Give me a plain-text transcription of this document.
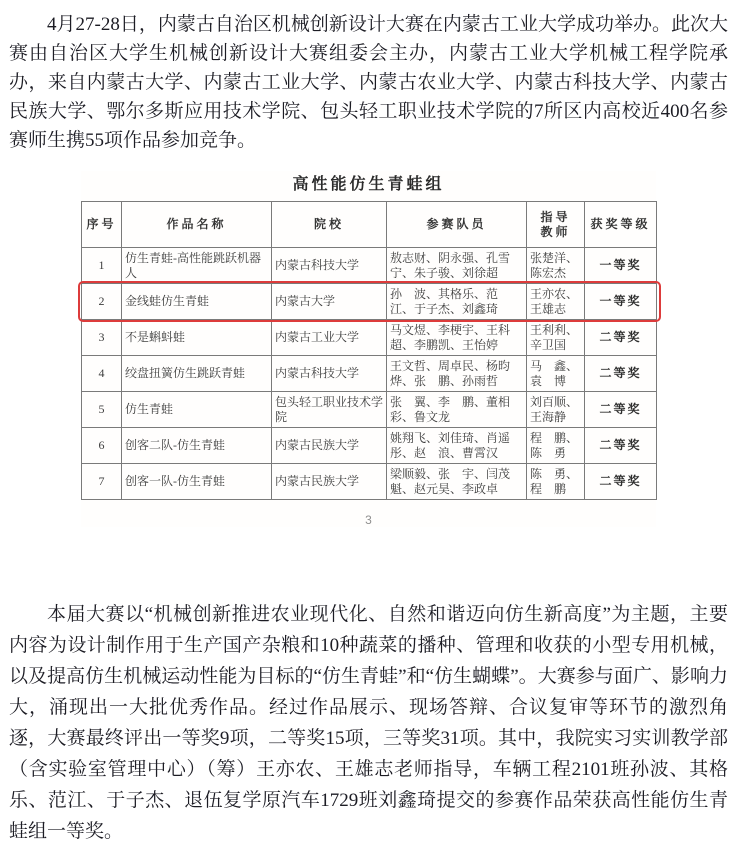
4月27-28日，内蒙古自治区机械创新设计大赛在内蒙古工业大学成功举办。此次大赛由自治区大学生机械创新设计大赛组委会主办，内蒙古工业大学机械工程学院承办，来自内蒙古大学、内蒙古工业大学、内蒙古农业大学、内蒙古科技大学、内蒙古民族大学、鄂尔多斯应用技术学院、包头轻工职业技术学院的7所区内高校近400名参赛师生携55项作品参加竞争。

高性能仿生青蛙组
序号	作品名称	院校	参赛队员	指导教师	获奖等级
1	仿生青蛙-高性能跳跃机器人	内蒙古科技大学	敖志财、阴永强、孔雪宁、朱子骏、刘徐超	张楚洋、陈宏杰	一等奖
2	金线蛙仿生青蛙	内蒙古大学	孙　波、其格乐、范　江、于子杰、刘鑫琦	王亦农、王雄志	一等奖
3	不是蝌蚪蛙	内蒙古工业大学	马文煜、李梗宇、王科超、李鹏凯、王怡婷	王利利、辛卫国	二等奖
4	绞盘扭簧仿生跳跃青蛙	内蒙古科技大学	王文哲、周卓民、杨昀烨、张　鹏、孙雨哲	马　鑫、袁　博	二等奖
5	仿生青蛙	包头轻工职业技术学院	张　翼、李　鹏、董相彩、鲁文龙	刘百顺、王海静	二等奖
6	创客二队-仿生青蛙	内蒙古民族大学	姚翔飞、刘佳琦、肖遥彤、赵　浪、曹霄汉	程　鹏、陈　勇	二等奖
7	创客一队-仿生青蛙	内蒙古民族大学	梁顺毅、张　宇、闫茂魁、赵元昊、李政卓	陈　勇、程　鹏	二等奖
3

本届大赛以“机械创新推进农业现代化、自然和谐迈向仿生新高度”为主题，主要内容为设计制作用于生产国产杂粮和10种蔬菜的播种、管理和收获的小型专用机械，以及提高仿生机械运动性能为目标的“仿生青蛙”和“仿生蝴蝶”。大赛参与面广、影响力大，涌现出一大批优秀作品。经过作品展示、现场答辩、合议复审等环节的激烈角逐，大赛最终评出一等奖9项，二等奖15项，三等奖31项。其中，我院实习实训教学部（含实验室管理中心）（筹）王亦农、王雄志老师指导，车辆工程2101班孙波、其格乐、范江、于子杰、退伍复学原汽车1729班刘鑫琦提交的参赛作品荣获高性能仿生青蛙组一等奖。
